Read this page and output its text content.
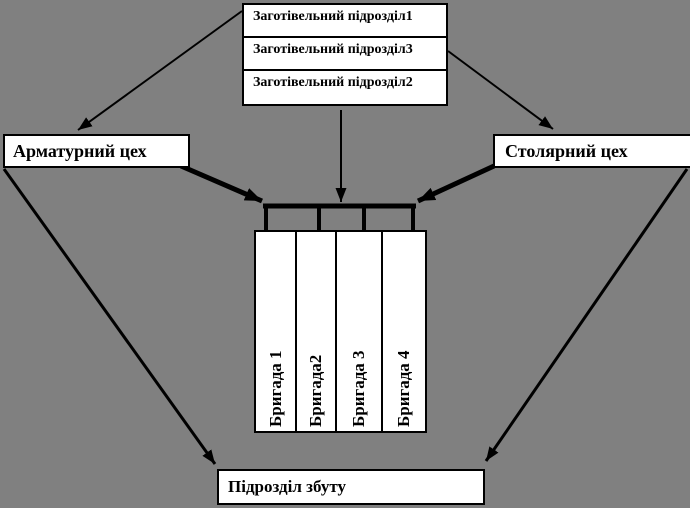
Заготівельний підрозділ1
Заготівельний підрозділ3
Заготівельний підрозділ2
Арматурний цех	Столярний цех
Бригада 1 Бригада2 Бригада 3 Бригада 4
Підрозділ збуту
